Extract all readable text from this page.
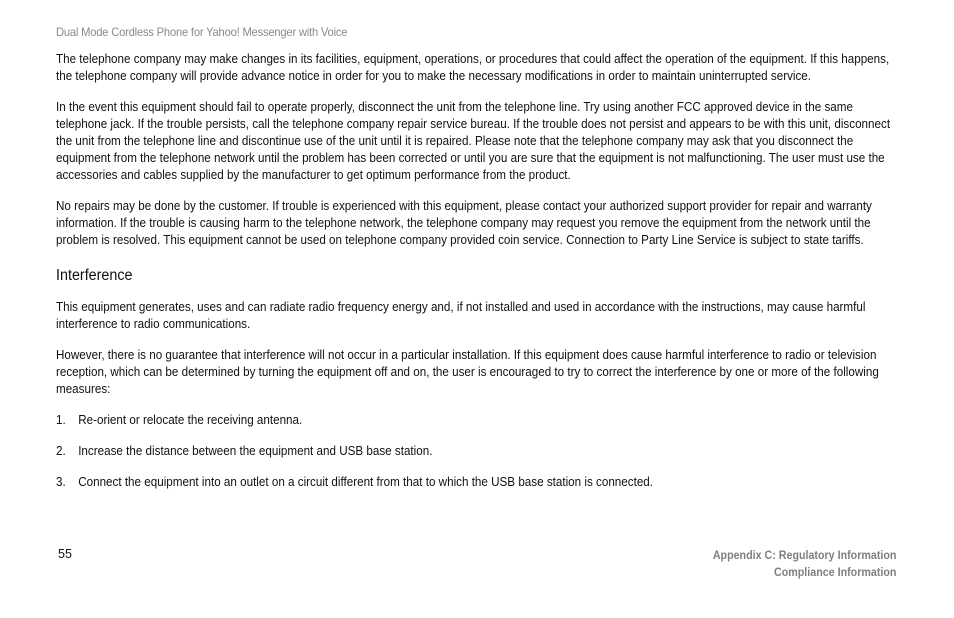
Dual Mode Cordless Phone for Yahoo! Messenger with Voice

The telephone company may make changes in its facilities, equipment, operations, or procedures that could affect the operation of the equipment. If this happens, the telephone company will provide advance notice in order for you to make the necessary modifications in order to maintain uninterrupted service.

In the event this equipment should fail to operate properly, disconnect the unit from the telephone line. Try using another FCC approved device in the same telephone jack. If the trouble persists, call the telephone company repair service bureau. If the trouble does not persist and appears to be with this unit, disconnect the unit from the telephone line and discontinue use of the unit until it is repaired. Please note that the telephone company may ask that you disconnect the equipment from the telephone network until the problem has been corrected or until you are sure that the equipment is not malfunctioning. The user must use the accessories and cables supplied by the manufacturer to get optimum performance from the product.

No repairs may be done by the customer. If trouble is experienced with this equipment, please contact your authorized support provider for repair and warranty information. If the trouble is causing harm to the telephone network, the telephone company may request you remove the equipment from the network until the problem is resolved. This equipment cannot be used on telephone company provided coin service. Connection to Party Line Service is subject to state tariffs.

Interference

This equipment generates, uses and can radiate radio frequency energy and, if not installed and used in accordance with the instructions, may cause harmful interference to radio communications.

However, there is no guarantee that interference will not occur in a particular installation. If this equipment does cause harmful interference to radio or television reception, which can be determined by turning the equipment off and on, the user is encouraged to try to correct the interference by one or more of the following measures:

1. Re-orient or relocate the receiving antenna.
2. Increase the distance between the equipment and USB base station.
3. Connect the equipment into an outlet on a circuit different from that to which the USB base station is connected.
55	Appendix C: Regulatory Information
Compliance Information
